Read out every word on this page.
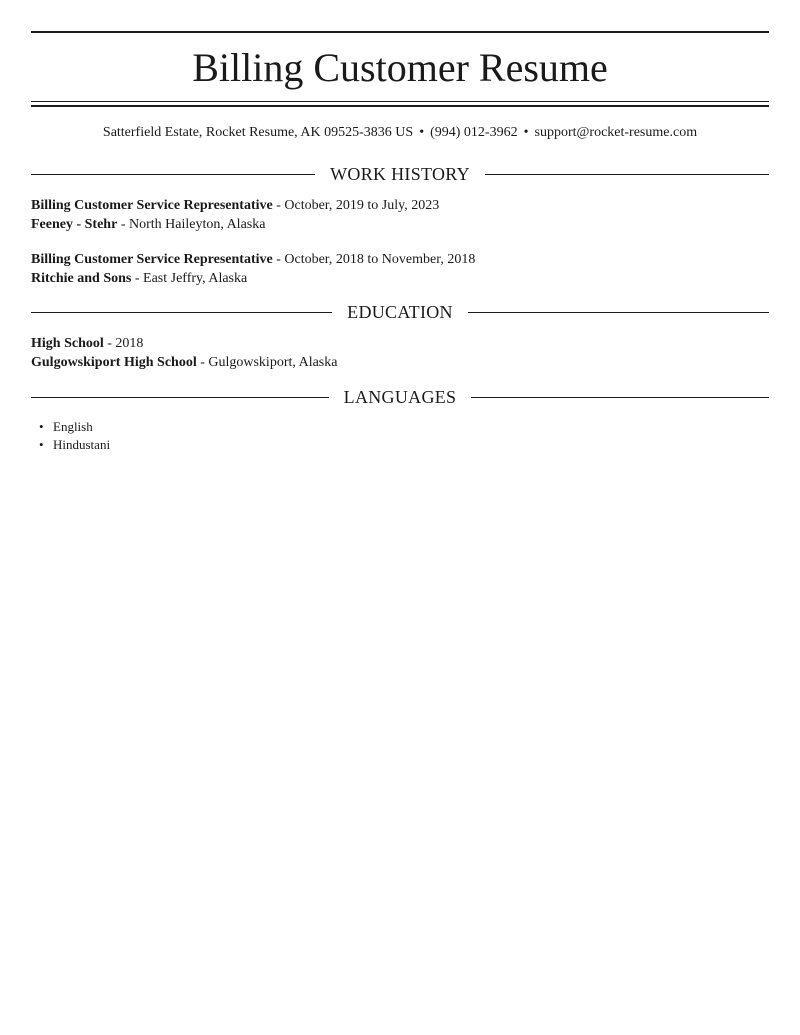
Billing Customer Resume
Satterfield Estate, Rocket Resume, AK 09525-3836 US • (994) 012-3962 • support@rocket-resume.com
WORK HISTORY
Billing Customer Service Representative - October, 2019 to July, 2023
Feeney - Stehr - North Haileyton, Alaska
Billing Customer Service Representative - October, 2018 to November, 2018
Ritchie and Sons - East Jeffry, Alaska
EDUCATION
High School - 2018
Gulgowskiport High School - Gulgowskiport, Alaska
LANGUAGES
• English
• Hindustani
